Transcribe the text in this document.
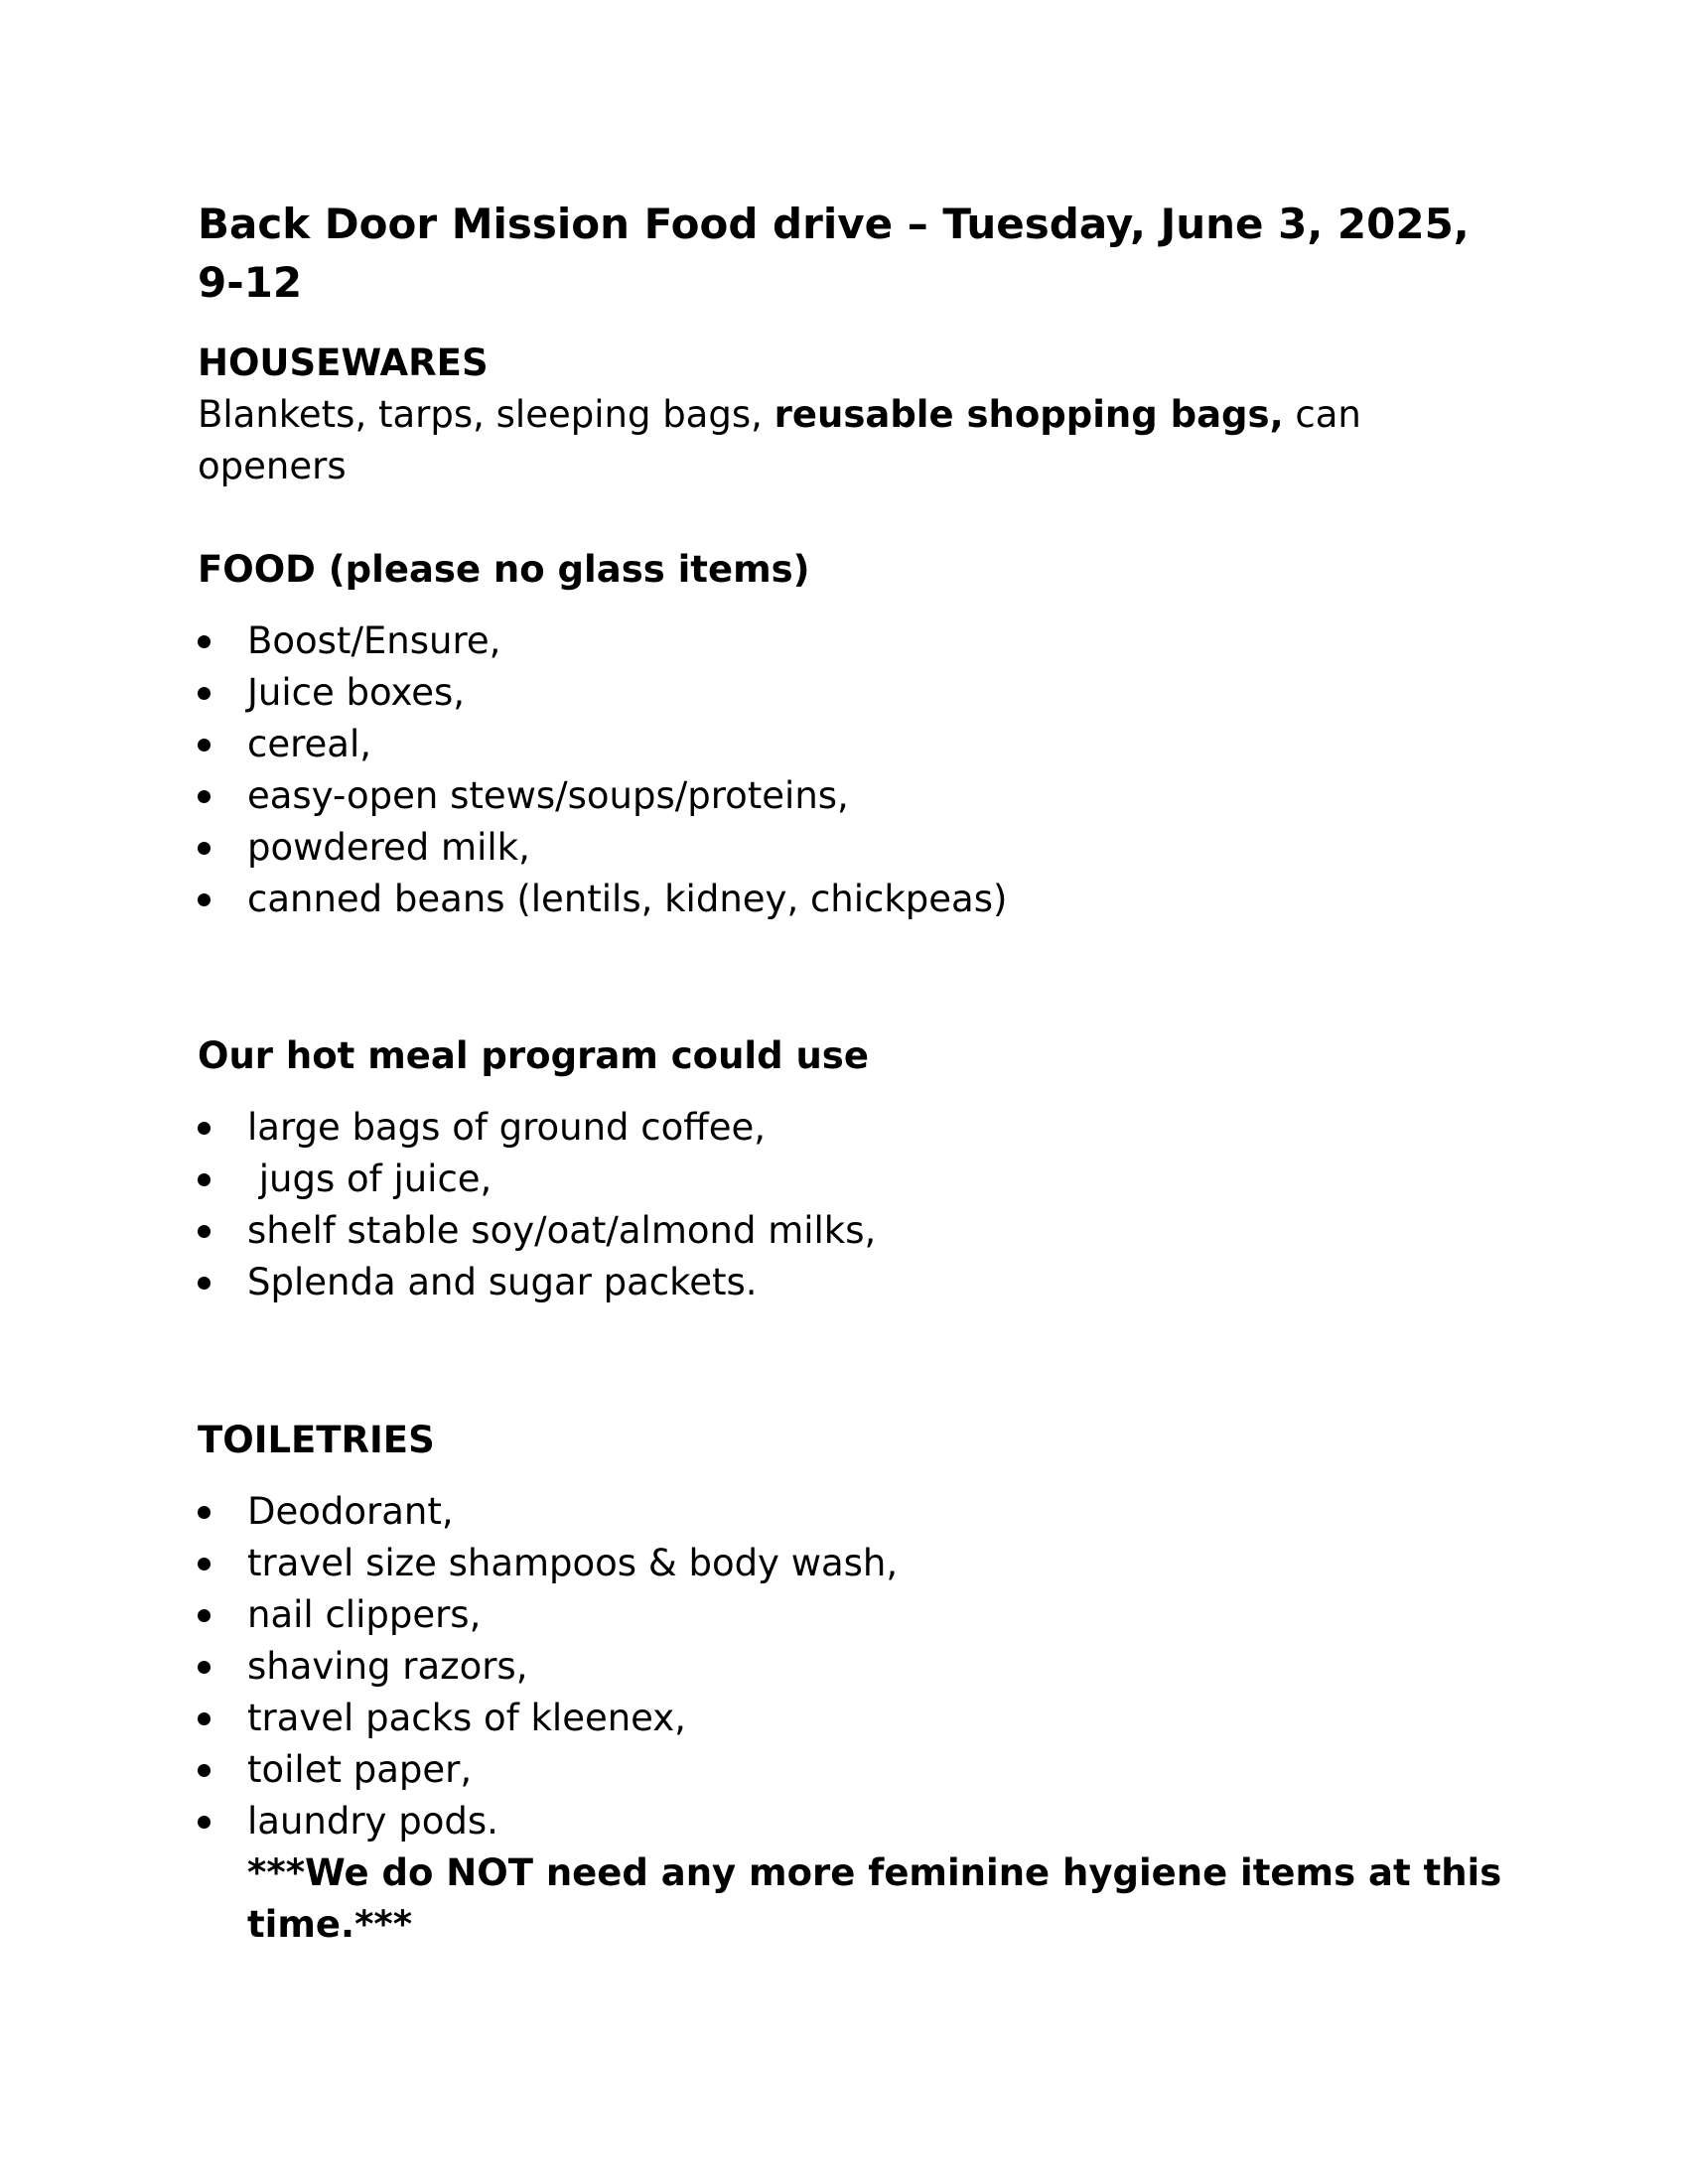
Back Door Mission Food drive – Tuesday, June 3, 2025, 9-12
HOUSEWARES

Blankets, tarps, sleeping bags, reusable shopping bags, can openers

FOOD (please no glass items)
Boost/Ensure,
Juice boxes,
cereal,
easy-open stews/soups/proteins,
powdered milk,
canned beans (lentils, kidney, chickpeas)
Our hot meal program could use
large bags of ground coffee,
jugs of juice,
shelf stable soy/oat/almond milks,
Splenda and sugar packets.
TOILETRIES
Deodorant,
travel size shampoos & body wash,
nail clippers,
shaving razors,
travel packs of kleenex,
toilet paper,
laundry pods.

***We do NOT need any more feminine hygiene items at this time.***
